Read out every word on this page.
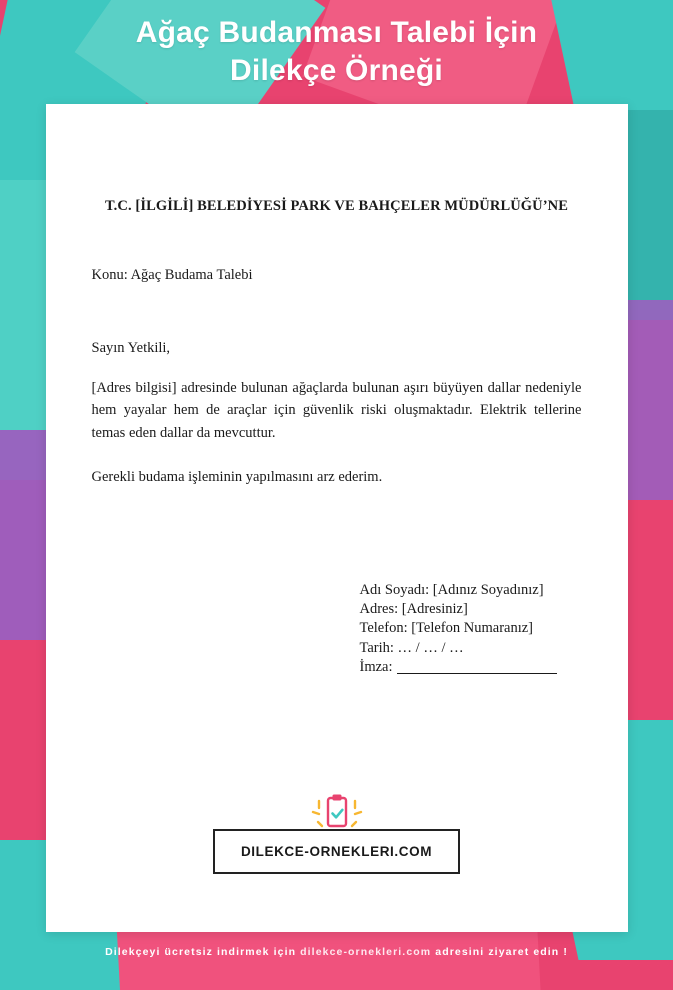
Ağaç Budanması Talebi İçin
Dilekçe Örneği
T.C. [İLGİLİ] BELEDİYESİ PARK VE BAHÇELER MÜDÜRLÜĞÜ’NE
Konu: Ağaç Budama Talebi
Sayın Yetkili,
[Adres bilgisi] adresinde bulunan ağaçlarda bulunan aşırı büyüyen dallar nedeniyle hem yayalar hem de araçlar için güvenlik riski oluşmaktadır. Elektrik tellerine temas eden dallar da mevcuttur.
Gerekli budama işleminin yapılmasını arz ederim.
Adı Soyadı: [Adınız Soyadınız]
Adres: [Adresiniz]
Telefon: [Telefon Numaranız]
Tarih: … / … / …
İmza:
DILEKCE-ORNEKLERI.COM
Dilekçeyi ücretsiz indirmek için dilekce-ornekleri.com adresini ziyaret edin !
